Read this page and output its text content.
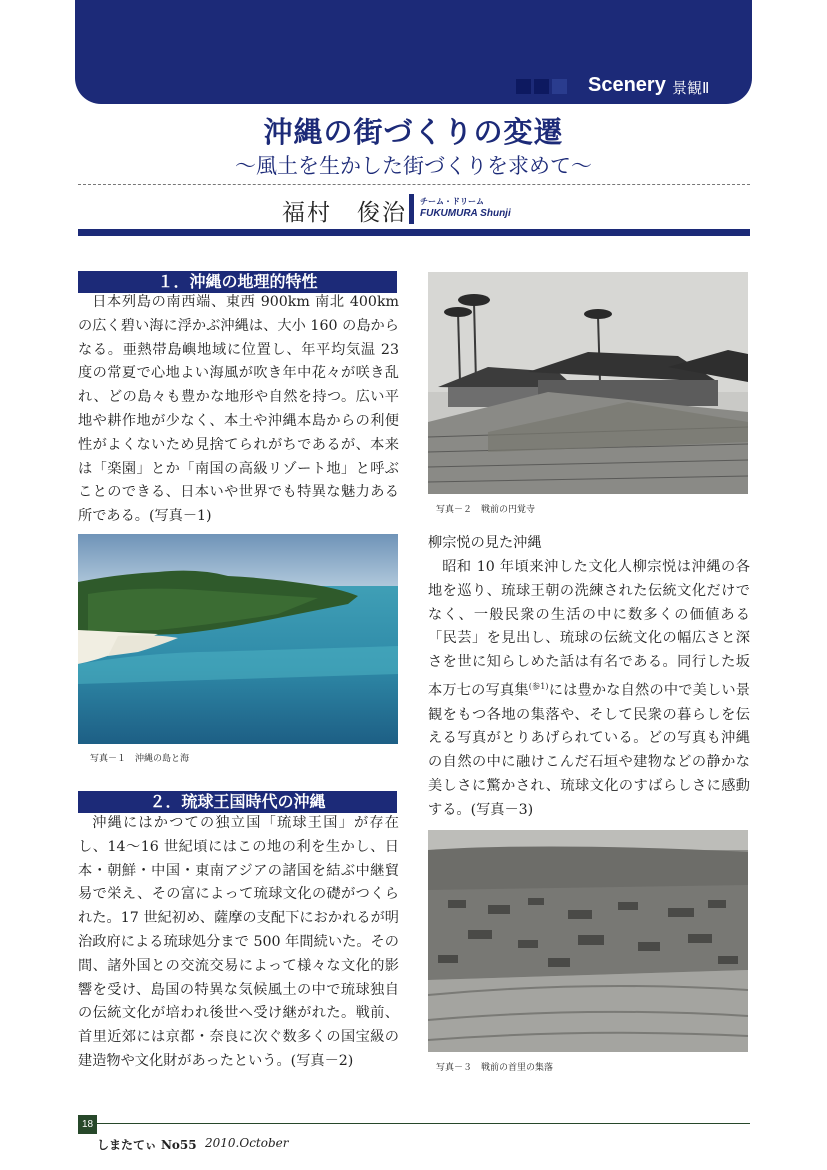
Scenery 景観Ⅱ
沖縄の街づくりの変遷
～風土を生かした街づくりを求めて～
福村　俊治 チーム・ドリーム
FUKUMURA Shunji
１．沖縄の地理的特性

日本列島の南西端、東西 900km 南北 400km の広く碧い海に浮かぶ沖縄は、大小 160 の島からなる。亜熱帯島嶼地域に位置し、年平均気温 23 度の常夏で心地よい海風が吹き年中花々が咲き乱れ、どの島々も豊かな地形や自然を持つ。広い平地や耕作地が少なく、本土や沖縄本島からの利便性がよくないため見捨てられがちであるが、本来は「楽園」とか「南国の高級リゾート地」と呼ぶことのできる、日本いや世界でも特異な魅力ある所である。(写真－1)

写真－１　沖縄の島と海
２．琉球王国時代の沖縄

沖縄にはかつての独立国「琉球王国」が存在し、14～16 世紀頃にはこの地の利を生かし、日本・朝鮮・中国・東南アジアの諸国を結ぶ中継貿易で栄え、その富によって琉球文化の礎がつくられた。17 世紀初め、薩摩の支配下におかれるが明治政府による琉球処分まで 500 年間続いた。その間、諸外国との交流交易によって様々な文化的影響を受け、島国の特異な気候風土の中で琉球独自の伝統文化が培われ後世へ受け継がれた。戦前、首里近郊には京都・奈良に次ぐ数多くの国宝級の建造物や文化財があったという。(写真－2)

写真－２　戦前の円覚寺
柳宗悦の見た沖縄

昭和 10 年頃来沖した文化人柳宗悦は沖縄の各地を巡り、琉球王朝の洗練された伝統文化だけでなく、一般民衆の生活の中に数多くの価値ある「民芸」を見出し、琉球の伝統文化の幅広さと深さを世に知らしめた話は有名である。同行した坂本万七の写真集$^{(参1)}$には豊かな自然の中で美しい景観をもつ各地の集落や、そして民衆の暮らしを伝える写真がとりあげられている。どの写真も沖縄の自然の中に融けこんだ石垣や建物などの静かな美しさに驚かされ、琉球文化のすばらしさに感動する。(写真－3)

写真－３　戦前の首里の集落
18
しまたてぃ No55 2010.October
